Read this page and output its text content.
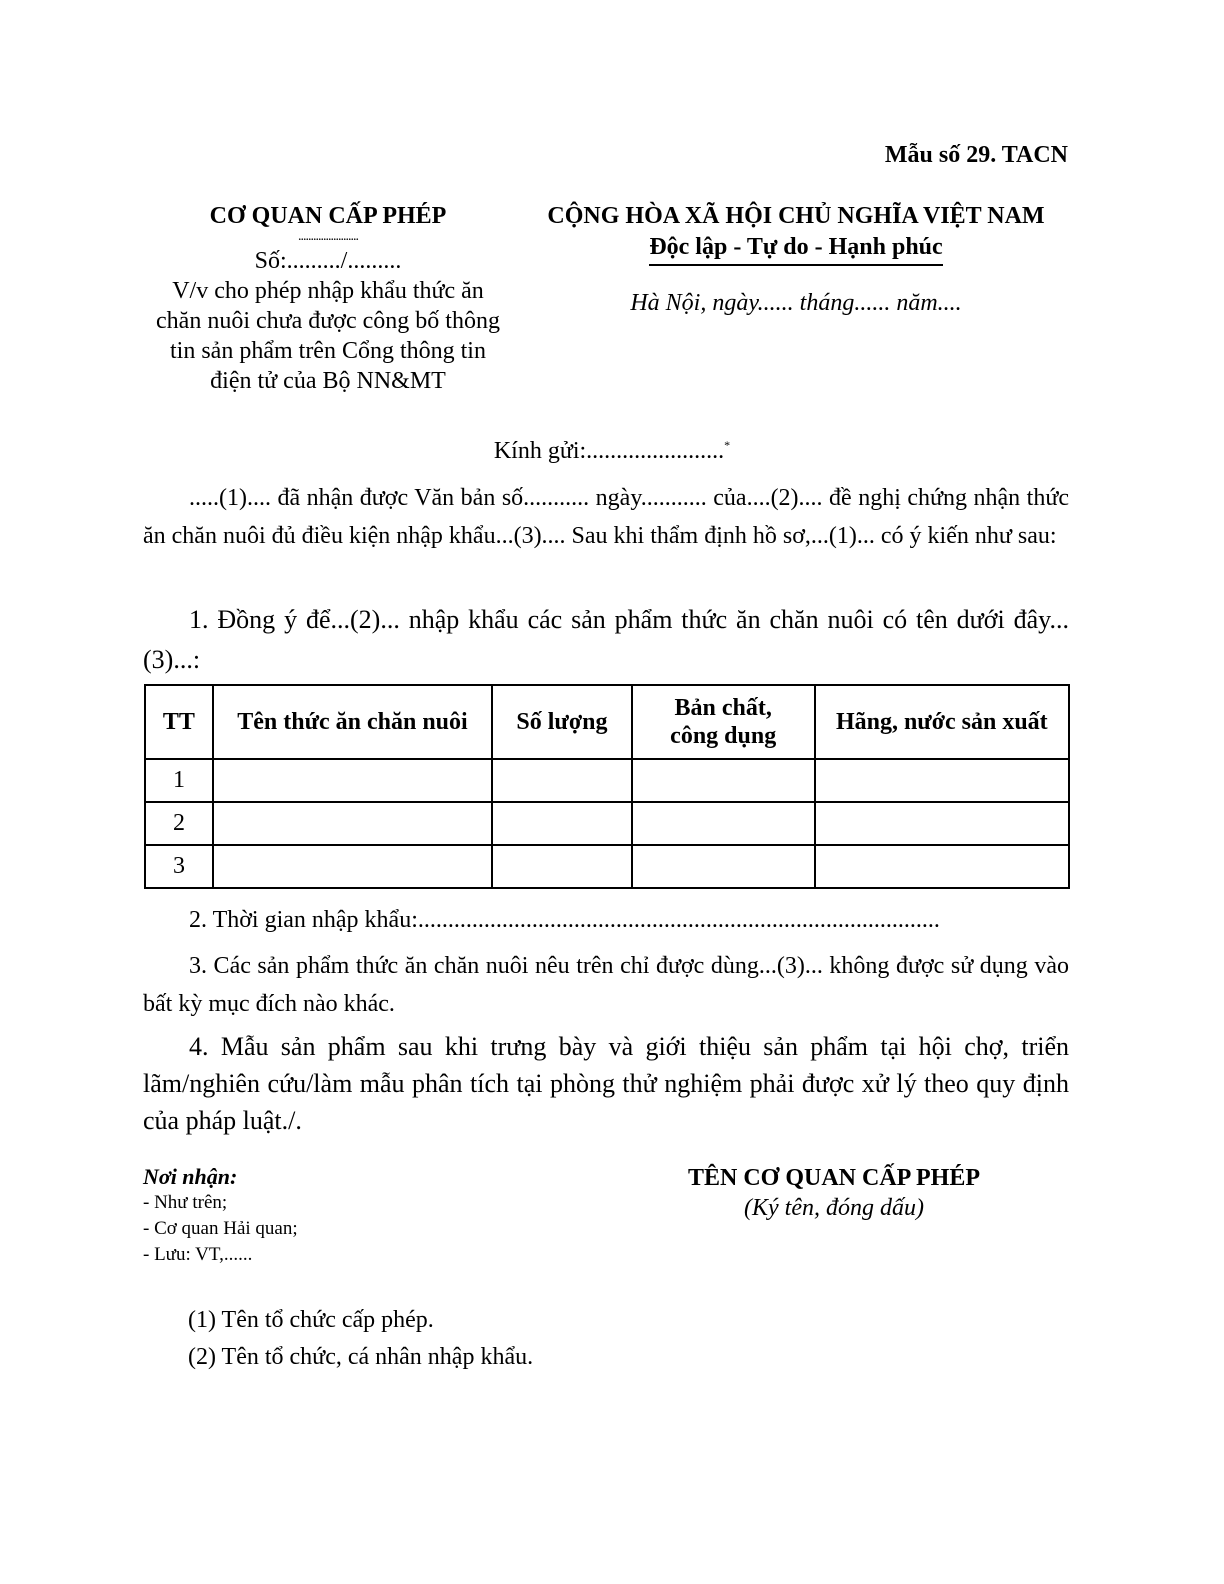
Mẫu số 29. TACN
CƠ QUAN CẤP PHÉP
........................
Số:........./.........
V/v cho phép nhập khẩu thức ăn
chăn nuôi chưa được công bố thông
tin sản phẩm trên Cổng thông tin
điện tử của Bộ NN&MT
CỘNG HÒA XÃ HỘI CHỦ NGHĨA VIỆT NAM
Độc lập - Tự do - Hạnh phúc
Hà Nội, ngày...... tháng...... năm....
Kính gửi:.......................*
.....(1).... đã nhận được Văn bản số........... ngày........... của....(2).... đề nghị chứng nhận thức ăn chăn nuôi đủ điều kiện nhập khẩu...(3).... Sau khi thẩm định hồ sơ,...(1)... có ý kiến như sau:
1. Đồng ý để...(2)... nhập khẩu các sản phẩm thức ăn chăn nuôi có tên dưới đây...(3)...:
TT	Tên thức ăn chăn nuôi	Số lượng	Bản chất, công dụng	Hãng, nước sản xuất
1				
2				
3				
2. Thời gian nhập khẩu:.......................................................................................
3. Các sản phẩm thức ăn chăn nuôi nêu trên chỉ được dùng...(3)... không được sử dụng vào bất kỳ mục đích nào khác.
4. Mẫu sản phẩm sau khi trưng bày và giới thiệu sản phẩm tại hội chợ, triển lãm/nghiên cứu/làm mẫu phân tích tại phòng thử nghiệm phải được xử lý theo quy định của pháp luật./.
Nơi nhận:
- Như trên;
- Cơ quan Hải quan;
- Lưu: VT,......
TÊN CƠ QUAN CẤP PHÉP
(Ký tên, đóng dấu)
(1) Tên tổ chức cấp phép.
(2) Tên tổ chức, cá nhân nhập khẩu.
